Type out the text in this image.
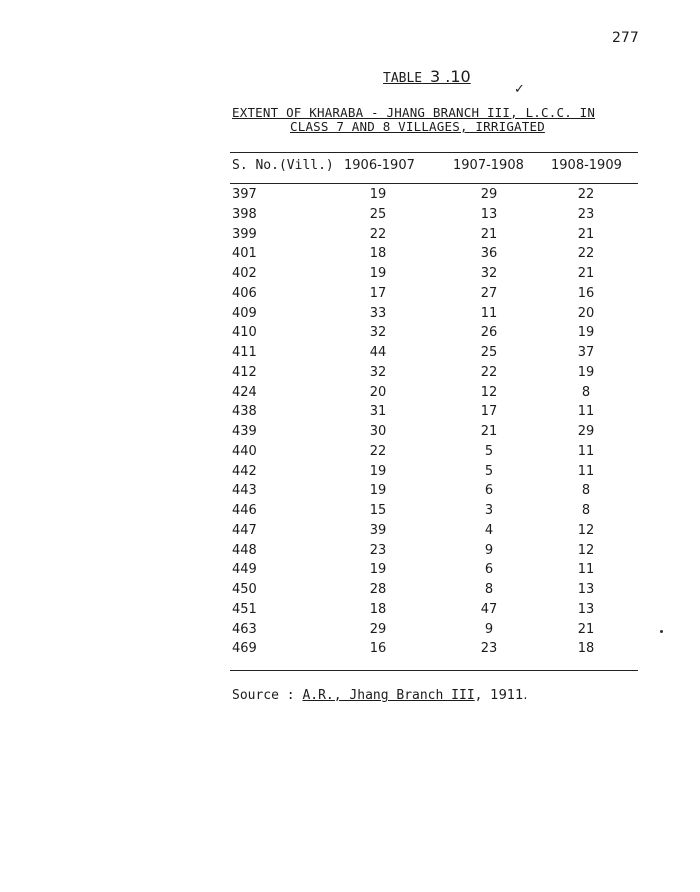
277
TABLE 3 .10
✓
EXTENT OF KHARABA - JHANG BRANCH III, L.C.C. IN
CLASS 7 AND 8 VILLAGES, IRRIGATED
S. No.(Vill.) 1906-1907	1907-1908 1908-1909
397	19	29	22
398	25	13	23
399	22	21	21
401	18	36	22
402	19	32	21
406	17	27	16
409	33	11	20
410	32	26	19
411	44	25	37
412	32	22	19
424	20	12	8
438	31	17	11
439	30	21	29
440	22	5	11
442	19	5	11
443	19	6	8
446	15	3	8
447	39	4	12
448	23	9	12
449	19	6	11
450	28	8	13
451	18	47	13
463	29	9	21
469	16	23	18
Source : A.R., Jhang Branch III, 1911.
